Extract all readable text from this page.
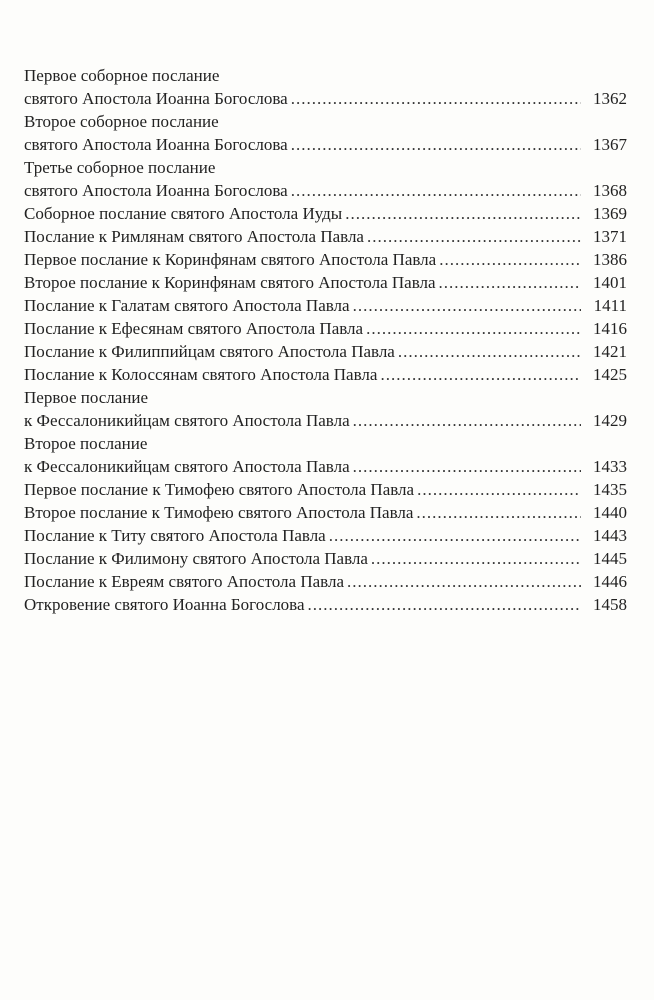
Первое соборное послание
святого Апостола Иоанна Богослова .....	1362
Второе соборное послание
святого Апостола Иоанна Богослова .....	1367
Третье соборное послание
святого Апостола Иоанна Богослова .....	1368
Соборное послание святого Апостола Иуды .....	1369
Послание к Римлянам святого Апостола Павла .....	1371
Первое послание к Коринфянам святого Апостола Павла .....	1386
Второе послание к Коринфянам святого Апостола Павла .....	1401
Послание к Галатам святого Апостола Павла .....	1411
Послание к Ефесянам святого Апостола Павла .....	1416
Послание к Филиппийцам святого Апостола Павла .....	1421
Послание к Колоссянам святого Апостола Павла .....	1425
Первое послание
к Фессалоникийцам святого Апостола Павла .....	1429
Второе послание
к Фессалоникийцам святого Апостола Павла .....	1433
Первое послание к Тимофею святого Апостола Павла .....	1435
Второе послание к Тимофею святого Апостола Павла .....	1440
Послание к Титу святого Апостола Павла .....	1443
Послание к Филимону святого Апостола Павла .....	1445
Послание к Евреям святого Апостола Павла .....	1446
Откровение святого Иоанна Богослова .....	1458
